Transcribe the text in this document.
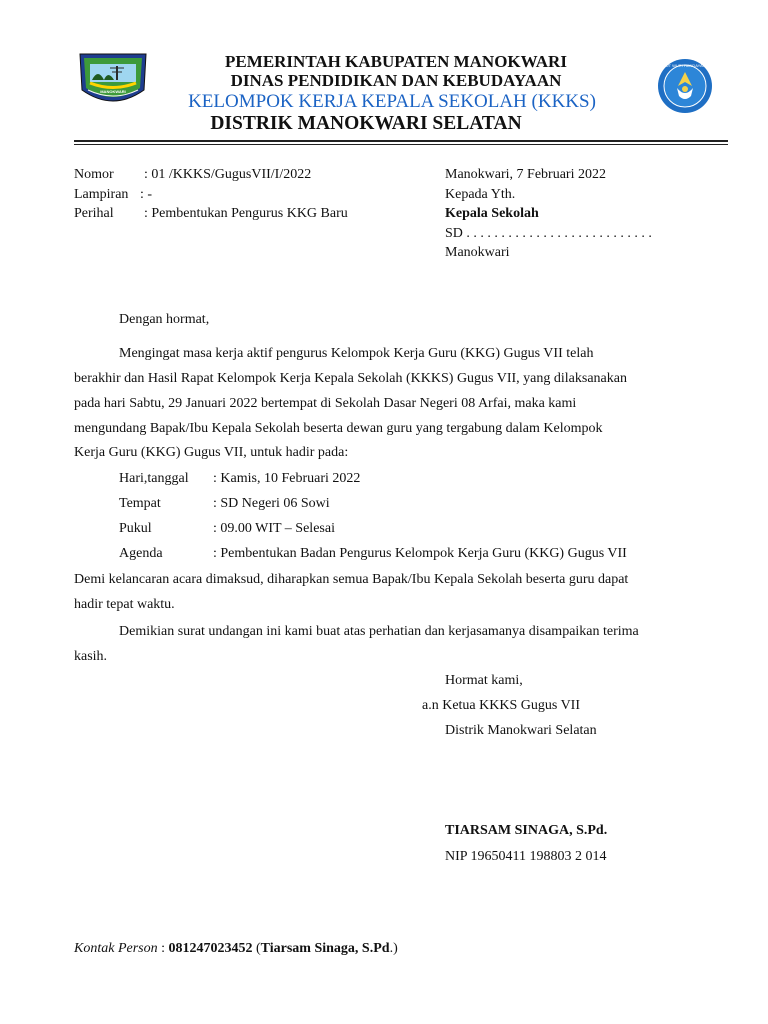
MANOKWARI
TUT WURI HANDAYANI
PEMERINTAH KABUPATEN MANOKWARI
DINAS PENDIDIKAN DAN KEBUDAYAAN
KELOMPOK KERJA KEPALA SEKOLAH (KKKS)
DISTRIK MANOKWARI SELATAN
Nomor : 01 /KKKS/GugusVII/I/2022
Lampiran : -
Perihal : Pembentukan Pengurus KKG Baru
Manokwari, 7 Februari 2022
Kepada Yth.
Kepala Sekolah
SD . . . . . . . . . . . . . . . . . . . . . . . . . . .
Manokwari
Dengan hormat,
Mengingat masa kerja aktif pengurus Kelompok Kerja Guru (KKG) Gugus VII telah
berakhir dan Hasil Rapat Kelompok Kerja Kepala Sekolah (KKKS) Gugus VII, yang dilaksanakan
pada hari Sabtu, 29 Januari 2022 bertempat di Sekolah Dasar Negeri 08 Arfai, maka kami
mengundang Bapak/Ibu Kepala Sekolah beserta dewan guru yang tergabung dalam Kelompok
Kerja Guru (KKG) Gugus VII, untuk hadir pada:
Hari,tanggal : Kamis, 10 Februari 2022
Tempat	: SD Negeri 06 Sowi
Pukul	: 09.00 WIT – Selesai
Agenda	: Pembentukan Badan Pengurus Kelompok Kerja Guru (KKG) Gugus VII
Demi kelancaran acara dimaksud, diharapkan semua Bapak/Ibu Kepala Sekolah beserta guru dapat
hadir tepat waktu.
Demikian surat undangan ini kami buat atas perhatian dan kerjasamanya disampaikan terima
kasih.
Hormat kami,
a.n Ketua KKKS Gugus VII
Distrik Manokwari Selatan
TIARSAM SINAGA, S.Pd.
NIP 19650411 198803 2 014
Kontak Person : 081247023452 (Tiarsam Sinaga, S.Pd.)
